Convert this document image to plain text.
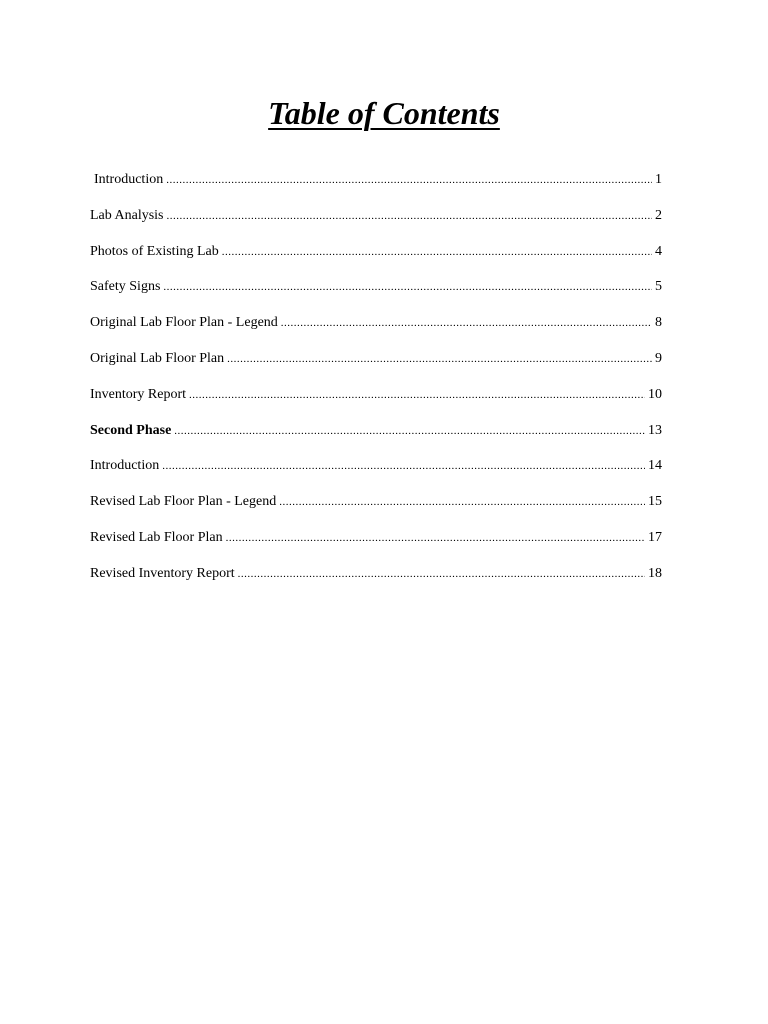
Table of Contents
Introduction .....	1
Lab Analysis .....	2
Photos of Existing Lab .....	4
Safety Signs .....	5
Original Lab Floor Plan - Legend .....	8
Original Lab Floor Plan .....	9
Inventory Report .....	10
Second Phase .....	13
Introduction .....	14
Revised Lab Floor Plan - Legend .....	15
Revised Lab Floor Plan .....	17
Revised Inventory Report .....	18
